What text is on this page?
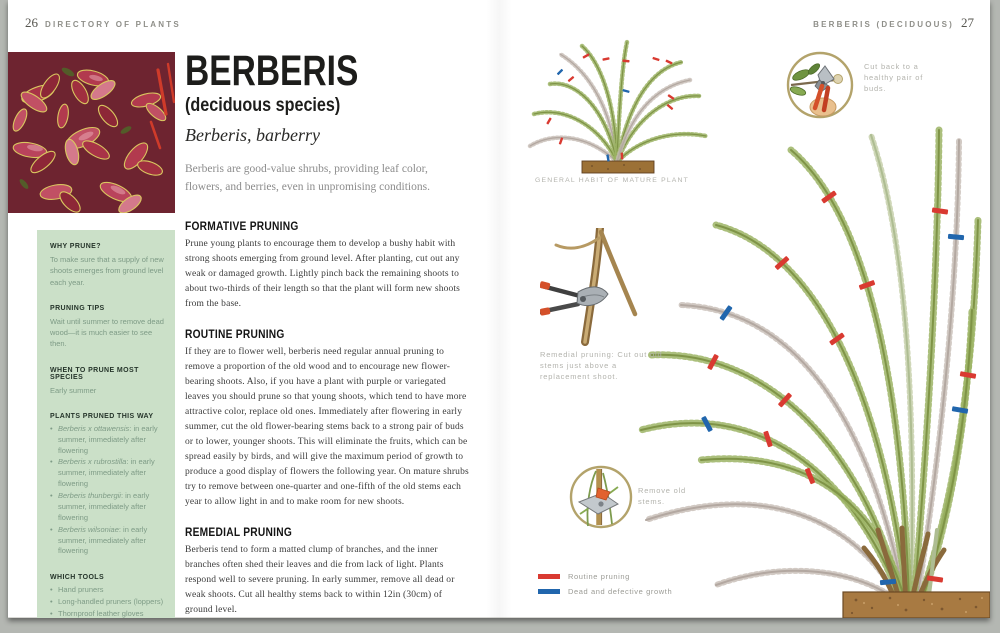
26 DIRECTORY OF PLANTS	BERBERIS (DECIDUOUS) 27
WHY PRUNE?
To make sure that a supply of new shoots emerges from ground level each year.
PRUNING TIPS
Wait until summer to remove dead wood—it is much easier to see then.
WHEN TO PRUNE MOST SPECIES
Early summer
PLANTS PRUNED THIS WAY
• Berberis x ottawensis: in early summer, immediately after flowering
• Berberis x rubrostilla: in early summer, immediately after flowering
• Berberis thunbergii: in early summer, immediately after flowering
• Berberis wilsoniae: in early summer, immediately after flowering
WHICH TOOLS
• Hand pruners
• Long-handled pruners (loppers)
• Thornproof leather gloves
BERBERIS
(deciduous species)
Berberis, barberry
Berberis are good-value shrubs, providing leaf color, flowers, and berries, even in unpromising conditions.
FORMATIVE PRUNING
Prune young plants to encourage them to develop a bushy habit with strong shoots emerging from ground level. After planting, cut out any weak or damaged growth. Lightly pinch back the remaining shoots to about two-thirds of their length so that the plant will form new shoots from the base.
ROUTINE PRUNING
If they are to flower well, berberis need regular annual pruning to remove a proportion of the old wood and to encourage new flower-bearing shoots. Also, if you have a plant with purple or variegated leaves you should prune so that young shoots, which tend to have more attractive color, replace old ones. Immediately after flowering in early summer, cut the old flower-bearing stems back to a strong pair of buds or to lower, younger shoots. This will eliminate the fruits, which can be spread easily by birds, and will give the maximum period of growth to produce a good display of flowers the following year. On mature shrubs try to remove between one-quarter and one-fifth of the old stems each year to allow light in and to make room for new shoots.
REMEDIAL PRUNING
Berberis tend to form a matted clump of branches, and the inner branches often shed their leaves and die from lack of light. Plants respond well to severe pruning. In early summer, remove all dead or weak shoots. Cut all healthy stems back to within 12in (30cm) of ground level.
GENERAL HABIT OF MATURE PLANT
Cut back to a healthy pair of buds.
Remedial pruning: Cut out old stems just above a replacement shoot.
Remove old stems.
Routine pruning
Dead and defective growth
